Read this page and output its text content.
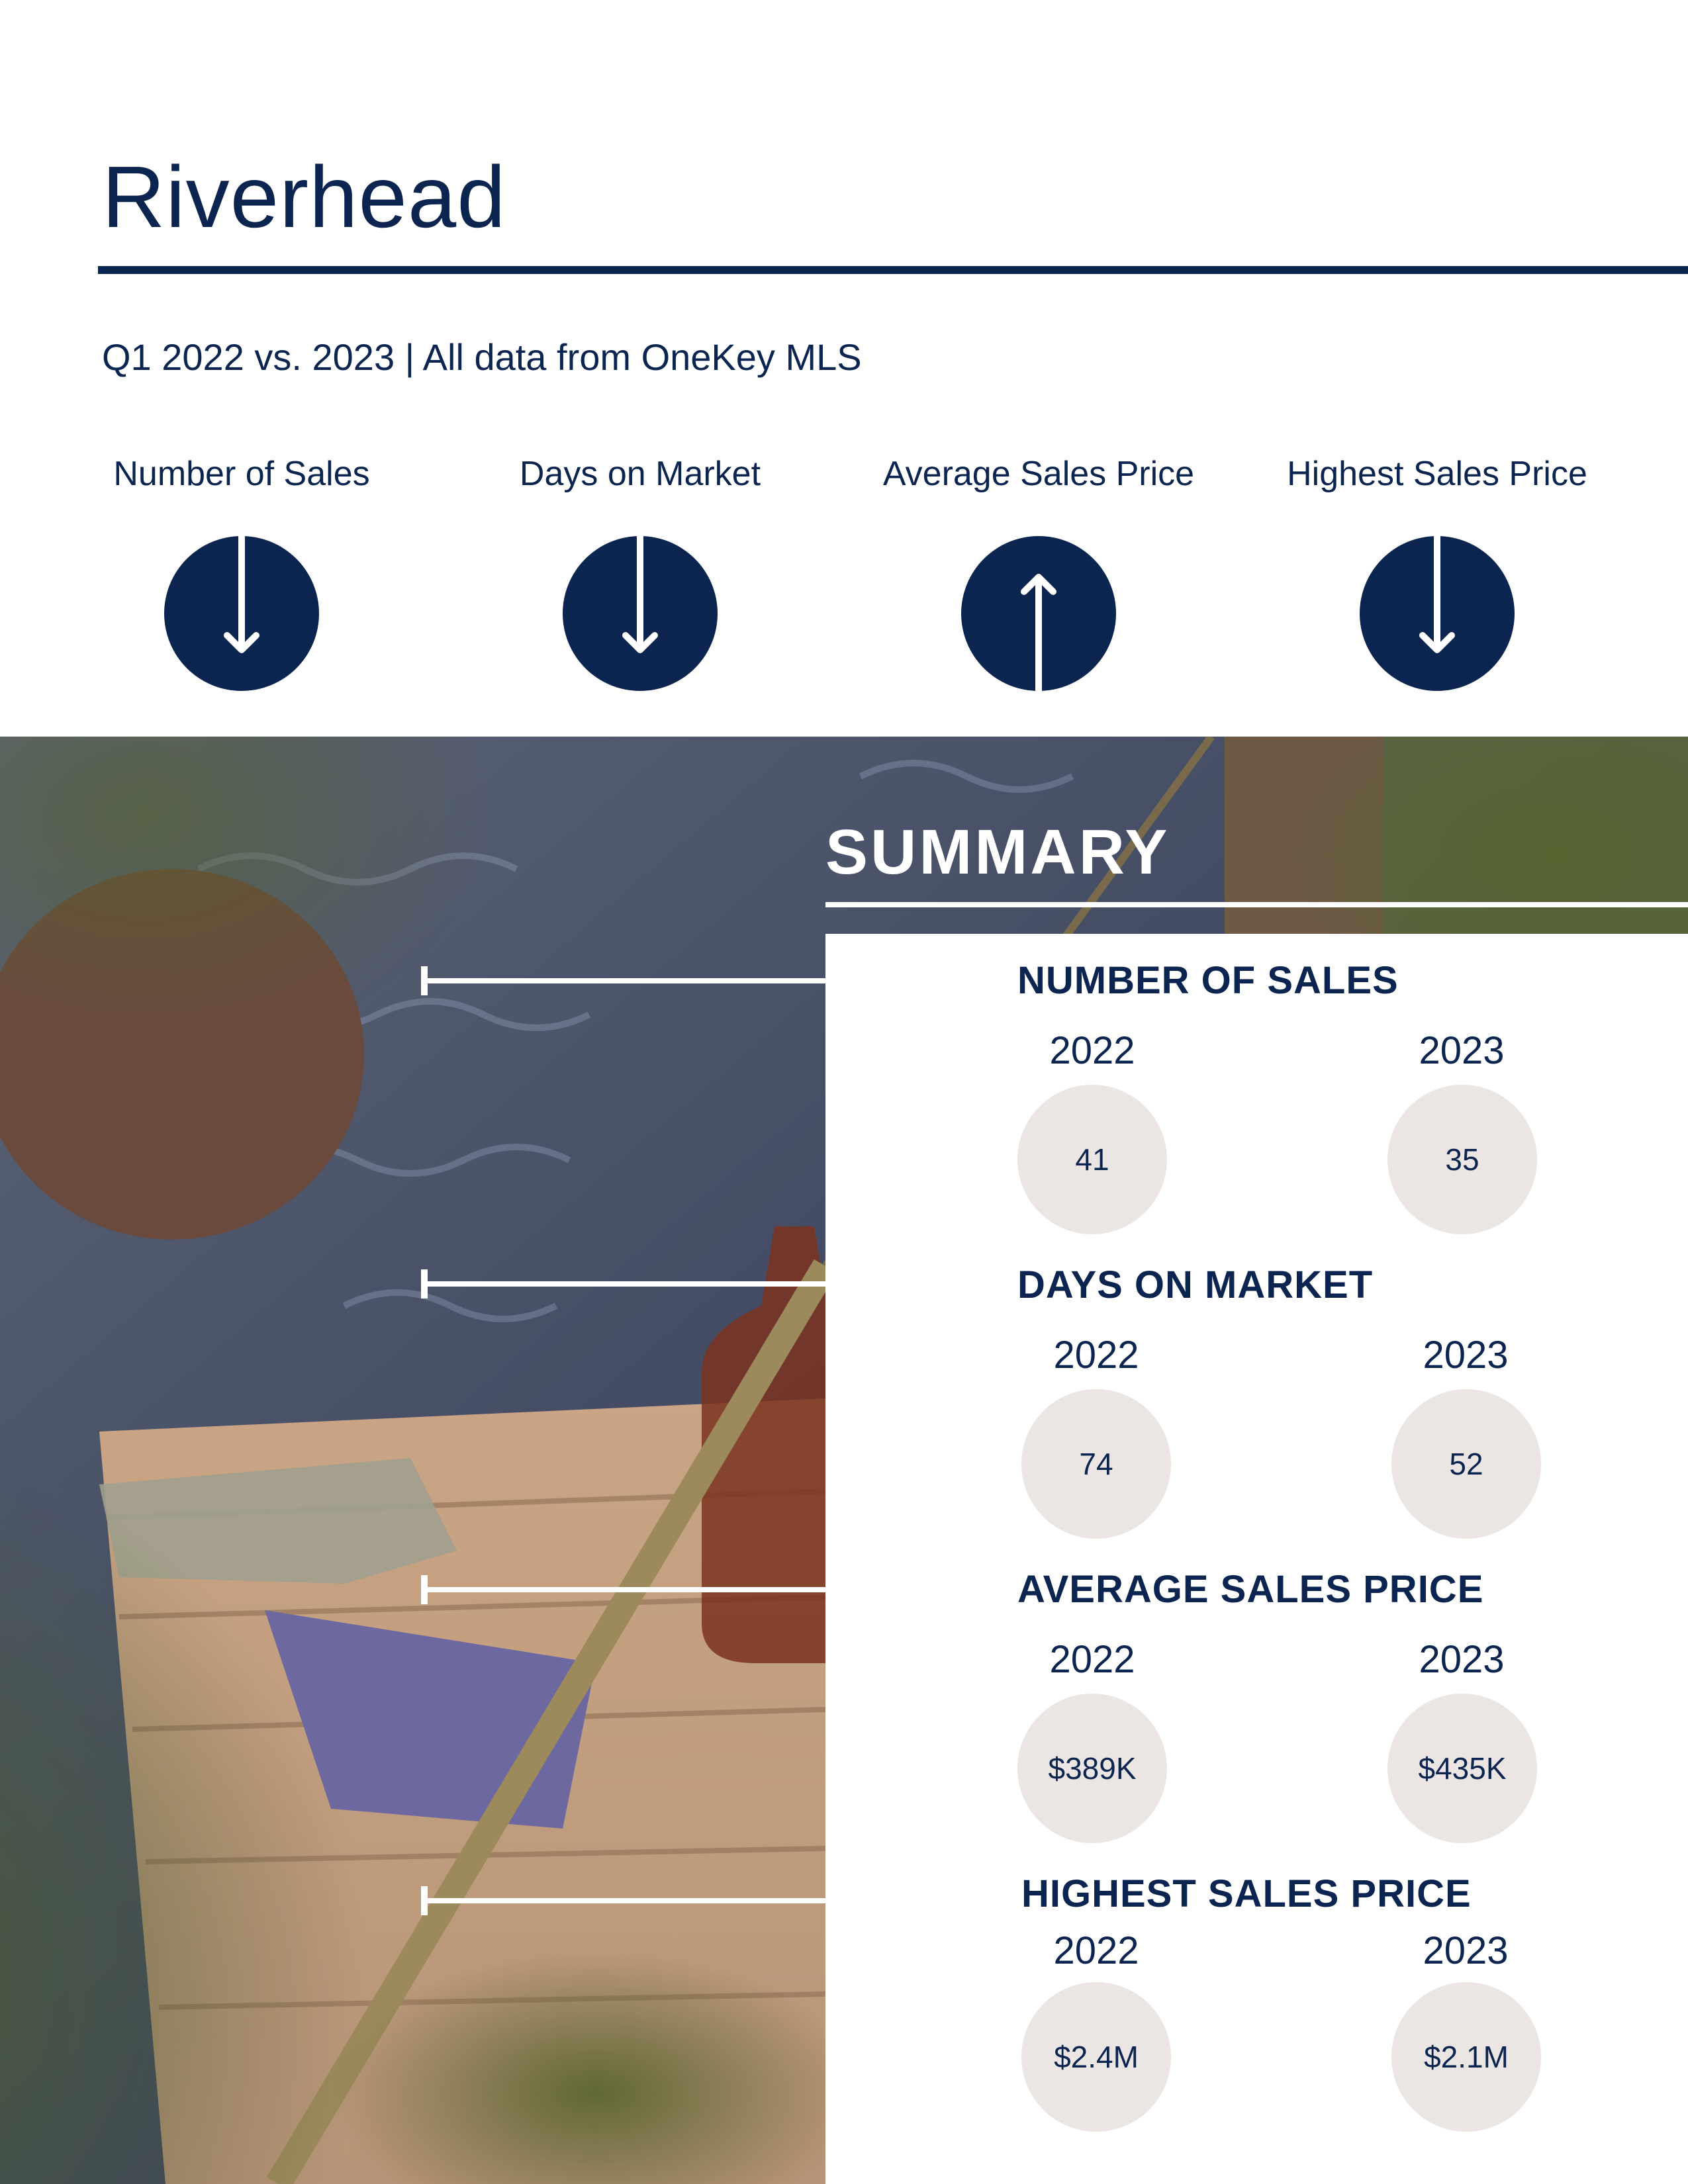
Riverhead
Q1 2022 vs. 2023 | All data from OneKey MLS
Number of Sales	Days on Market	Average Sales Price	Highest Sales Price
SUMMARY
NUMBER OF SALES
2022	2023
41	35
DAYS ON MARKET
2022	2023
74	52
AVERAGE SALES PRICE
2022	2023
$389K	$435K
HIGHEST SALES PRICE
2022	2023
$2.4M	$2.1M
